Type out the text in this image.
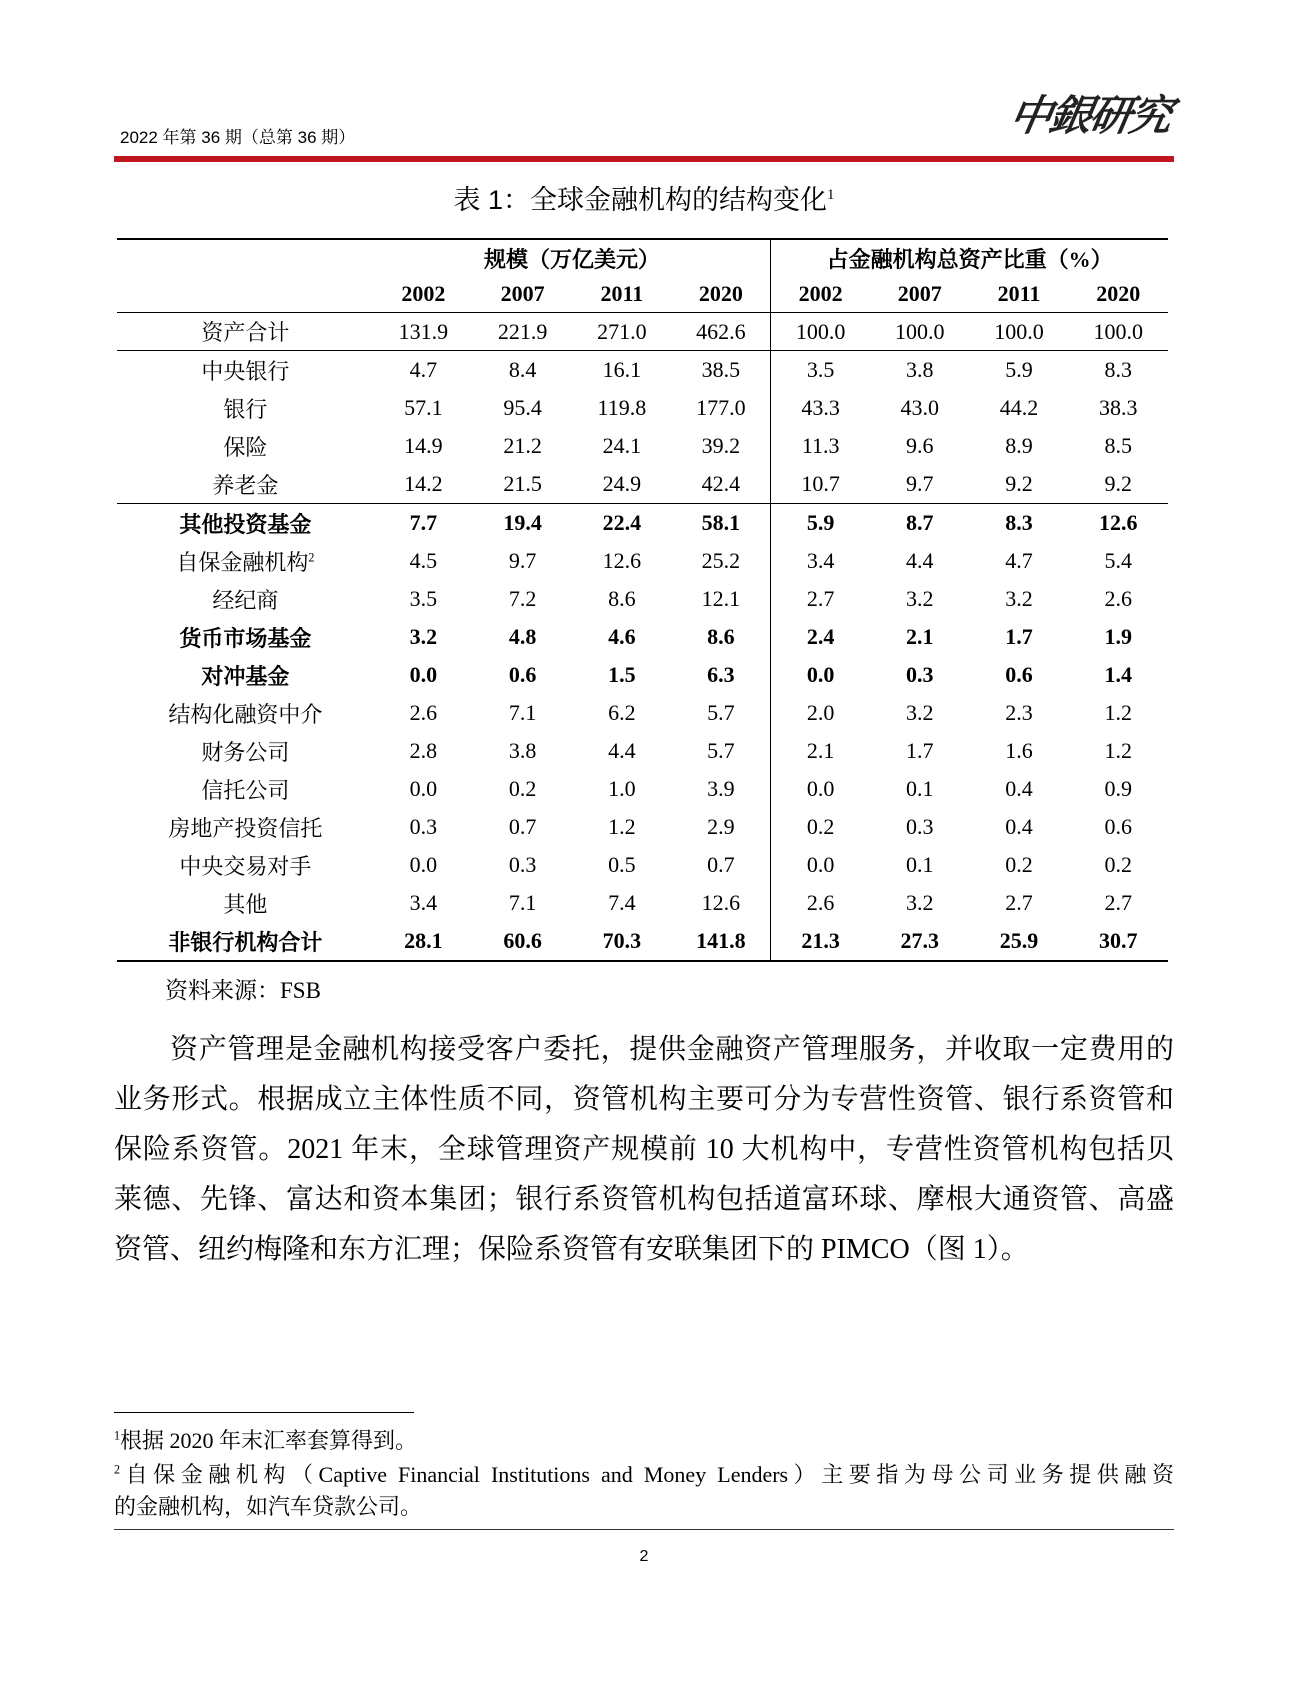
2022 年第 36 期（总第 36 期）	中銀研究
表 1：全球金融机构的结构变化$^1$
	规模（万亿美元）				占金融机构总资产比重（%）			
	2002	2007	2011	2020	2002	2007	2011	2020
资产合计	131.9	221.9	271.0	462.6	100.0	100.0	100.0	100.0
中央银行	4.7	8.4	16.1	38.5	3.5	3.8	5.9	8.3
银行	57.1	95.4	119.8	177.0	43.3	43.0	44.2	38.3
保险	14.9	21.2	24.1	39.2	11.3	9.6	8.9	8.5
养老金	14.2	21.5	24.9	42.4	10.7	9.7	9.2	9.2
其他投资基金	7.7	19.4	22.4	58.1	5.9	8.7	8.3	12.6
自保金融机构$^2$	4.5	9.7	12.6	25.2	3.4	4.4	4.7	5.4
经纪商	3.5	7.2	8.6	12.1	2.7	3.2	3.2	2.6
货币市场基金	3.2	4.8	4.6	8.6	2.4	2.1	1.7	1.9
对冲基金	0.0	0.6	1.5	6.3	0.0	0.3	0.6	1.4
结构化融资中介	2.6	7.1	6.2	5.7	2.0	3.2	2.3	1.2
财务公司	2.8	3.8	4.4	5.7	2.1	1.7	1.6	1.2
信托公司	0.0	0.2	1.0	3.9	0.0	0.1	0.4	0.9
房地产投资信托	0.3	0.7	1.2	2.9	0.2	0.3	0.4	0.6
中央交易对手	0.0	0.3	0.5	0.7	0.0	0.1	0.2	0.2
其他	3.4	7.1	7.4	12.6	2.6	3.2	2.7	2.7
非银行机构合计	28.1	60.6	70.3	141.8	21.3	27.3	25.9	30.7
资料来源：FSB
资产管理是金融机构接受客户委托，提供金融资产管理服务，并收取一定费用的
业务形式。根据成立主体性质不同，资管机构主要可分为专营性资管、银行系资管和
保险系资管。2021 年末，全球管理资产规模前 10 大机构中，专营性资管机构包括贝
莱德、先锋、富达和资本集团；银行系资管机构包括道富环球、摩根大通资管、高盛
资管、纽约梅隆和东方汇理；保险系资管有安联集团下的 PIMCO（图 1）。
$^1$根据 2020 年末汇率套算得到。
$^2$自保金融机构（Captive Financial Institutions and Money Lenders）主要指为母公司业务提供融资
的金融机构，如汽车贷款公司。
2
